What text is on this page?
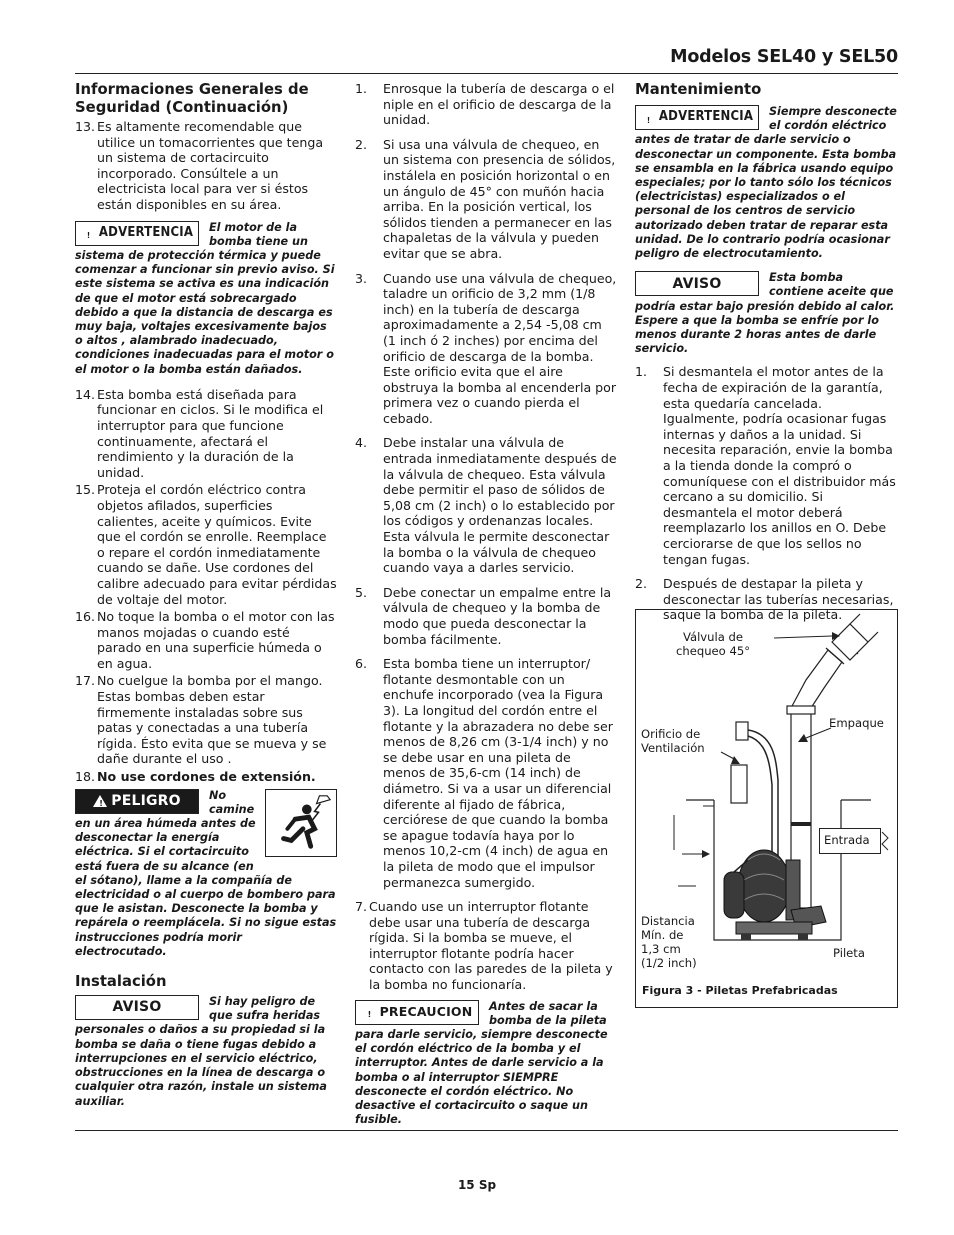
Modelos SEL40 y SEL50
Informaciones Generales de Seguridad (Continuación)
13. Es altamente recomendable que utilice un tomacorrientes que tenga un sistema de cortacircuito incorporado. Consúltele a un electricista local para ver si éstos están disponibles en su área.
! ADVERTENCIA El motor de la bomba tiene un sistema de protección térmica y puede comenzar a funcionar sin previo aviso. Si este sistema se activa es una indicación de que el motor está sobrecargado debido a que la distancia de descarga es muy baja, voltajes excesivamente bajos o altos , alambrado inadecuado, condiciones inadecuadas para el motor o el motor o la bomba están dañados.
14. Esta bomba está diseñada para funcionar en ciclos. Si le modifica el interruptor para que funcione continuamente, afectará el rendimiento y la duración de la unidad.
15. Proteja el cordón eléctrico contra objetos afilados, superficies calientes, aceite y químicos. Evite que el cordón se enrolle. Reemplace o repare el cordón inmediatamente cuando se dañe. Use cordones del calibre adecuado para evitar pérdidas de voltaje del motor.
16. No toque la bomba o el motor con las manos mojadas o cuando esté parado en una superficie húmeda o en agua.
17. No cuelgue la bomba por el mango. Estas bombas deben estar firmemente instaladas sobre sus patas y conectadas a una tubería rígida. Ésto evita que se mueva y se dañe durante el uso .
18. No use cordones de extensión.
! PELIGRO	No camine en un área húmeda antes de desconectar la energía eléctrica. Si el cortacircuito está fuera de su alcance (en el sótano), llame a la compañía de electricidad o al cuerpo de bombero para que le asistan. Desconecte la bomba y repárela o reemplácela. Si no sigue estas instrucciones podría morir electrocutado.
Instalación
AVISO	Si hay peligro de que sufra heridas personales o daños a su propiedad si la bomba se daña o tiene fugas debido a interrupciones en el servicio eléctrico, obstrucciones en la línea de descarga o cualquier otra razón, instale un sistema auxiliar.
1. Enrosque la tubería de descarga o el niple en el orificio de descarga de la unidad.
2. Si usa una válvula de chequeo, en un sistema con presencia de sólidos, instálela en posición horizontal o en un ángulo de 45° con muñón hacia arriba. En la posición vertical, los sólidos tienden a permanecer en las chapaletas de la válvula y pueden evitar que se abra.
3. Cuando use una válvula de chequeo, taladre un orificio de 3,2 mm (1/8 inch) en la tubería de descarga aproximadamente a 2,54 -5,08 cm (1 inch ó 2 inches) por encima del orificio de descarga de la bomba. Este orificio evita que el aire obstruya la bomba al encenderla por primera vez o cuando pierda el cebado.
4. Debe instalar una válvula de entrada inmediatamente después de la válvula de chequeo. Esta válvula debe permitir el paso de sólidos de 5,08 cm (2 inch) o lo establecido por los códigos y ordenanzas locales. Esta válvula le permite desconectar la bomba o la válvula de chequeo cuando vaya a darles servicio.
5. Debe conectar un empalme entre la válvula de chequeo y la bomba de modo que pueda desconectar la bomba fácilmente.
6. Esta bomba tiene un interruptor/ flotante desmontable con un enchufe incorporado (vea la Figura 3). La longitud del cordón entre el flotante y la abrazadera no debe ser menos de 8,26 cm (3-1/4 inch) y no se debe usar en una pileta de menos de 35,6-cm (14 inch) de diámetro. Si va a usar un diferencial diferente al fijado de fábrica, cerciórese de que cuando la bomba se apague todavía haya por lo menos 10,2-cm (4 inch) de agua en la pileta de modo que el impulsor permanezca sumergido.
7. Cuando use un interruptor flotante debe usar una tubería de descarga rígida. Si la bomba se mueve, el interruptor flotante podría hacer contacto con las paredes de la pileta y la bomba no funcionaría.
! PRECAUCION Antes de sacar la bomba de la pileta para darle servicio, siempre desconecte el cordón eléctrico de la bomba y el interruptor. Antes de darle servicio a la bomba o al interruptor SIEMPRE desconecte el cordón eléctrico. No desactive el cortacircuito o saque un fusible.
Mantenimiento
! ADVERTENCIA Siempre desconecte el cordón eléctrico antes de tratar de darle servicio o desconectar un componente. Esta bomba se ensambla en la fábrica usando equipo especiales; por lo tanto sólo los técnicos (electricistas) especializados o el personal de los centros de servicio autorizado deben tratar de reparar esta unidad. De lo contrario podría ocasionar peligro de electrocutamiento.
AVISO	Esta bomba contiene aceite que podría estar bajo presión debido al calor. Espere a que la bomba se enfríe por lo menos durante 2 horas antes de darle servicio.
1. Si desmantela el motor antes de la fecha de expiración de la garantía, esta quedaría cancelada. Igualmente, podría ocasionar fugas internas y daños a la unidad. Si necesita reparación, envie la bomba a la tienda donde la compró o comuníquese con el distribuidor más cercano a su domicilio. Si desmantela el motor deberá reemplazarlo los anillos en O. Debe cerciorarse de que los sellos no tengan fugas.
2. Después de destapar la pileta y desconectar las tuberías necesarias, saque la bomba de la pileta.
Válvula de chequeo 45°
Orificio de Ventilación
Empaque
Entrada
Distancia Mín. de 1,3 cm (1/2 inch)
Pileta
Figura 3 - Piletas Prefabricadas
15 Sp
